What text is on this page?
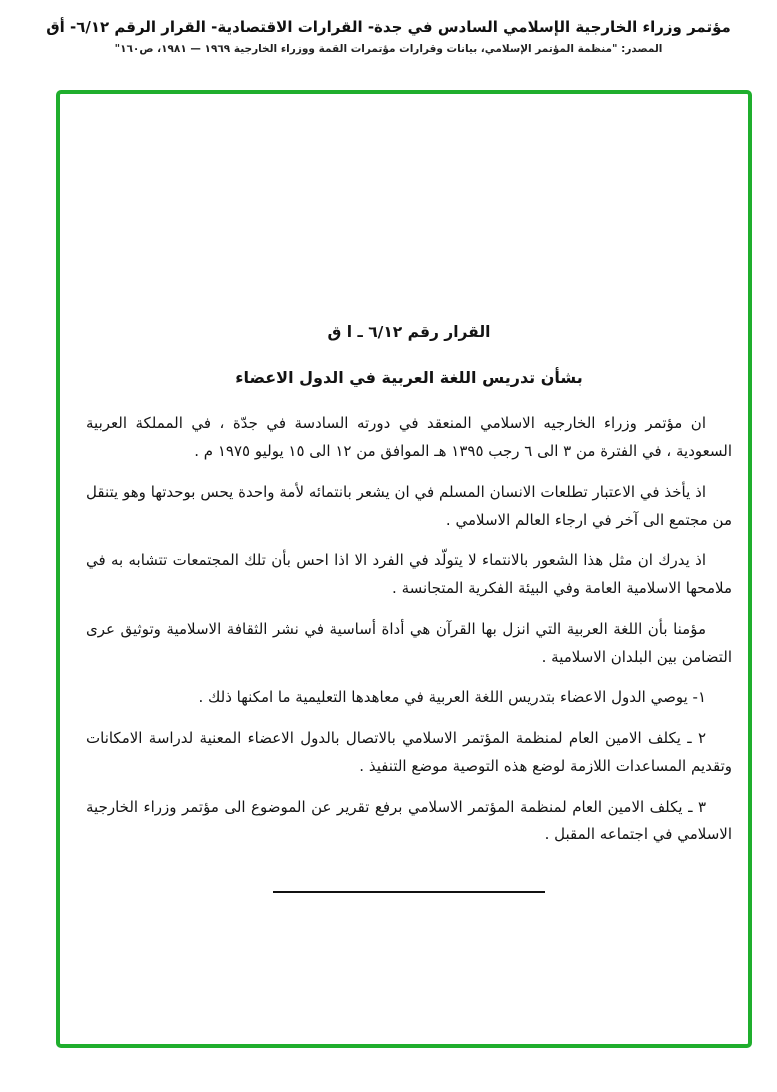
مؤتمر وزراء الخارجية الإسلامي السادس في جدة- القرارات الاقتصادية- القرار الرقم ٦/١٢- أق
المصدر: "منظمة المؤتمر الإسلامي، بيانات وقرارات مؤتمرات القمة ووزراء الخارجية ١٩٦٩ — ١٩٨١، ص١٦٠"
القرار رقم ٦/١٢ ـ ا ق
بشأن تدريس اللغة العربية في الدول الاعضاء

ان مؤتمر وزراء الخارجيه الاسلامي المنعقد في دورته السادسة في جدّة ، في المملكة العربية السعودية ، في الفترة من ٣ الى ٦ رجب ١٣٩٥ هـ الموافق من ١٢ الى ١٥ يوليو ١٩٧٥ م .

اذ يأخذ في الاعتبار تطلعات الانسان المسلم في ان يشعر بانتمائه لأمة واحدة يحس بوحدتها وهو يتنقل من مجتمع الى آخر في ارجاء العالم الاسلامي .

اذ يدرك ان مثل هذا الشعور بالانتماء لا يتولّد في الفرد الا اذا احس بأن تلك المجتمعات تتشابه به في ملامحها الاسلامية العامة وفي البيئة الفكرية المتجانسة .

مؤمنا بأن اللغة العربية التي انزل بها القرآن هي أداة أساسية في نشر الثقافة الاسلامية وتوثيق عرى التضامن بين البلدان الاسلامية .

١- يوصي الدول الاعضاء بتدريس اللغة العربية في معاهدها التعليمية ما امكنها ذلك .

٢ ـ يكلف الامين العام لمنظمة المؤتمر الاسلامي بالاتصال بالدول الاعضاء المعنية لدراسة الامكانات وتقديم المساعدات اللازمة لوضع هذه التوصية موضع التنفيذ .

٣ ـ يكلف الامين العام لمنظمة المؤتمر الاسلامي برفع تقرير عن الموضوع الى مؤتمر وزراء الخارجية الاسلامي في اجتماعه المقبل .
